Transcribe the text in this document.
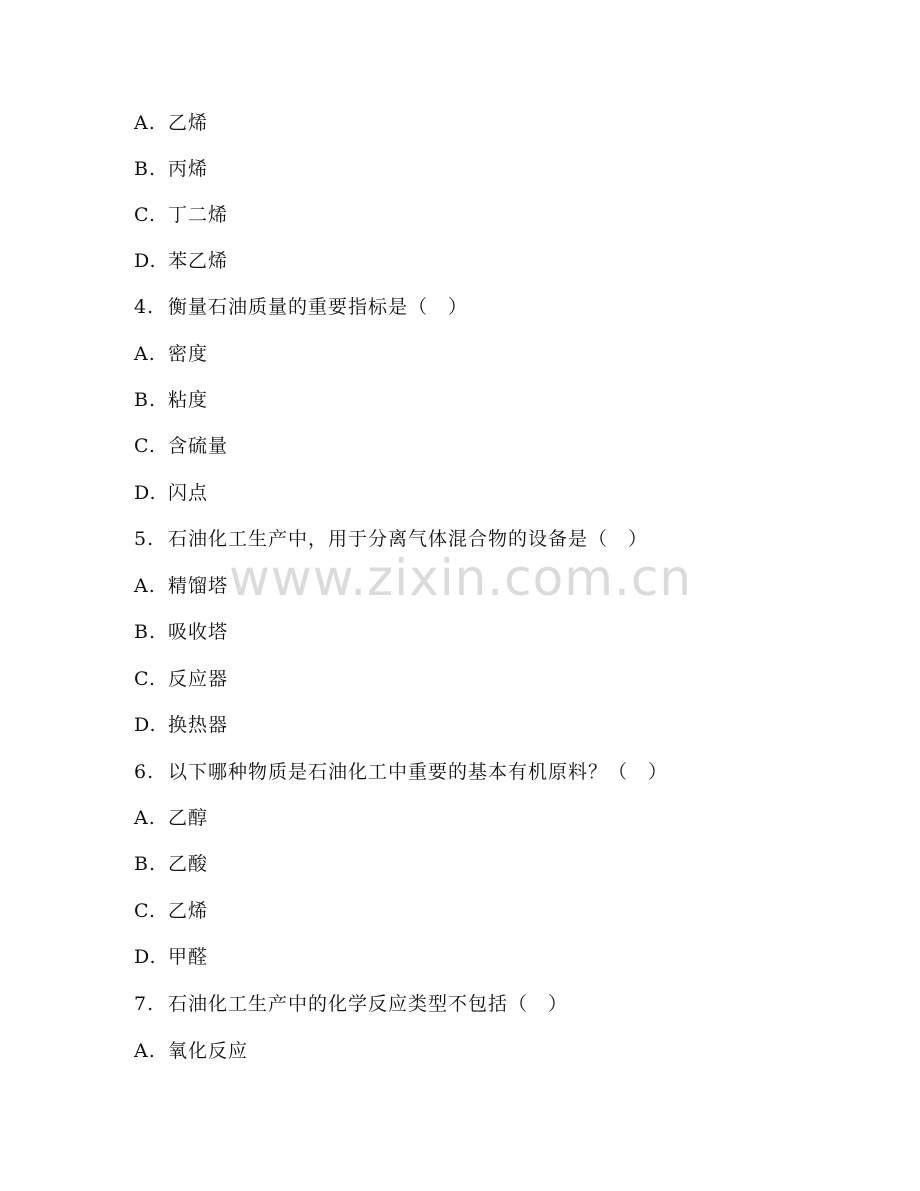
A. 乙烯
B. 丙烯
C. 丁二烯
D. 苯乙烯
4. 衡量石油质量的重要指标是（　）
A. 密度
B. 粘度
C. 含硫量
D. 闪点
5. 石油化工生产中，用于分离气体混合物的设备是（　）
A. 精馏塔
B. 吸收塔
C. 反应器
D. 换热器
6. 以下哪种物质是石油化工中重要的基本有机原料？（　）
A. 乙醇
B. 乙酸
C. 乙烯
D. 甲醛
7. 石油化工生产中的化学反应类型不包括（　）
A. 氧化反应
www.zixin.com.cn
